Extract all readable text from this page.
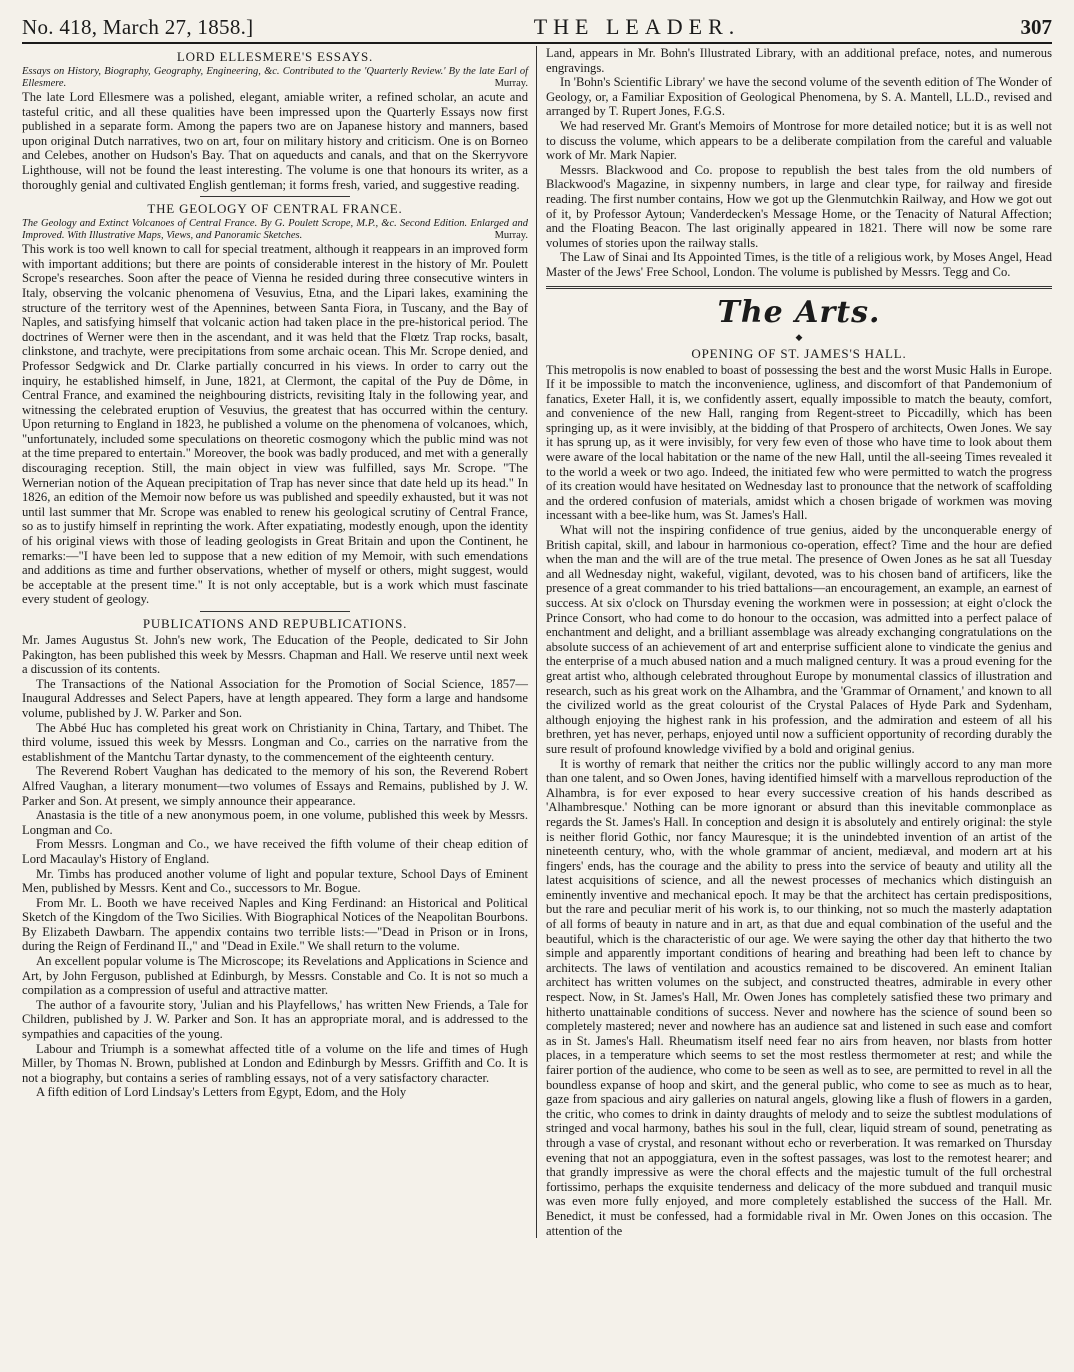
No. 418, March 27, 1858.]	THE LEADER.	307
LORD ELLESMERE'S ESSAYS.
Essays on History, Biography, Geography, Engineering, &c. Contributed to the 'Quarterly Review.' By the late Earl of Ellesmere.	Murray.

The late Lord Ellesmere was a polished, elegant, amiable writer, a refined scholar, an acute and tasteful critic, and all these qualities have been impressed upon the Quarterly Essays now first published in a separate form. Among the papers two are on Japanese history and manners, based upon original Dutch narratives, two on art, four on military history and criticism. One is on Borneo and Celebes, another on Hudson's Bay. That on aqueducts and canals, and that on the Skerryvore Lighthouse, will not be found the least interesting. The volume is one that honours its writer, as a thoroughly genial and cultivated English gentleman; it forms fresh, varied, and suggestive reading.

THE GEOLOGY OF CENTRAL FRANCE.
The Geology and Extinct Volcanoes of Central France. By G. Poulett Scrope, M.P., &c. Second Edition. Enlarged and Improved. With Illustrative Maps, Views, and Panoramic Sketches.	Murray.

This work is too well known to call for special treatment, although it reappears in an improved form with important additions; but there are points of considerable interest in the history of Mr. Poulett Scrope's researches. Soon after the peace of Vienna he resided during three consecutive winters in Italy, observing the volcanic phenomena of Vesuvius, Etna, and the Lipari lakes, examining the structure of the territory west of the Apennines, between Santa Fiora, in Tuscany, and the Bay of Naples, and satisfying himself that volcanic action had taken place in the pre-historical period. The doctrines of Werner were then in the ascendant, and it was held that the Flœtz Trap rocks, basalt, clinkstone, and trachyte, were precipitations from some archaic ocean. This Mr. Scrope denied, and Professor Sedgwick and Dr. Clarke partially concurred in his views. In order to carry out the inquiry, he established himself, in June, 1821, at Clermont, the capital of the Puy de Dôme, in Central France, and examined the neighbouring districts, revisiting Italy in the following year, and witnessing the celebrated eruption of Vesuvius, the greatest that has occurred within the century. Upon returning to England in 1823, he published a volume on the phenomena of volcanoes, which, "unfortunately, included some speculations on theoretic cosmogony which the public mind was not at the time prepared to entertain." Moreover, the book was badly produced, and met with a generally discouraging reception. Still, the main object in view was fulfilled, says Mr. Scrope. "The Wernerian notion of the Aquean precipitation of Trap has never since that date held up its head." In 1826, an edition of the Memoir now before us was published and speedily exhausted, but it was not until last summer that Mr. Scrope was enabled to renew his geological scrutiny of Central France, so as to justify himself in reprinting the work. After expatiating, modestly enough, upon the identity of his original views with those of leading geologists in Great Britain and upon the Continent, he remarks:—"I have been led to suppose that a new edition of my Memoir, with such emendations and additions as time and further observations, whether of myself or others, might suggest, would be acceptable at the present time." It is not only acceptable, but is a work which must fascinate every student of geology.

PUBLICATIONS AND REPUBLICATIONS.

Mr. James Augustus St. John's new work, The Education of the People, dedicated to Sir John Pakington, has been published this week by Messrs. Chapman and Hall. We reserve until next week a discussion of its contents.

The Transactions of the National Association for the Promotion of Social Science, 1857—Inaugural Addresses and Select Papers, have at length appeared. They form a large and handsome volume, published by J. W. Parker and Son.

The Abbé Huc has completed his great work on Christianity in China, Tartary, and Thibet. The third volume, issued this week by Messrs. Longman and Co., carries on the narrative from the establishment of the Mantchu Tartar dynasty, to the commencement of the eighteenth century.

The Reverend Robert Vaughan has dedicated to the memory of his son, the Reverend Robert Alfred Vaughan, a literary monument—two volumes of Essays and Remains, published by J. W. Parker and Son. At present, we simply announce their appearance.

Anastasia is the title of a new anonymous poem, in one volume, published this week by Messrs. Longman and Co.

From Messrs. Longman and Co., we have received the fifth volume of their cheap edition of Lord Macaulay's History of England.

Mr. Timbs has produced another volume of light and popular texture, School Days of Eminent Men, published by Messrs. Kent and Co., successors to Mr. Bogue.

From Mr. L. Booth we have received Naples and King Ferdinand: an Historical and Political Sketch of the Kingdom of the Two Sicilies. With Biographical Notices of the Neapolitan Bourbons. By Elizabeth Dawbarn. The appendix contains two terrible lists:—"Dead in Prison or in Irons, during the Reign of Ferdinand II.," and "Dead in Exile." We shall return to the volume.

An excellent popular volume is The Microscope; its Revelations and Applications in Science and Art, by John Ferguson, published at Edinburgh, by Messrs. Constable and Co. It is not so much a compilation as a compression of useful and attractive matter.

The author of a favourite story, 'Julian and his Playfellows,' has written New Friends, a Tale for Children, published by J. W. Parker and Son. It has an appropriate moral, and is addressed to the sympathies and capacities of the young.

Labour and Triumph is a somewhat affected title of a volume on the life and times of Hugh Miller, by Thomas N. Brown, published at London and Edinburgh by Messrs. Griffith and Co. It is not a biography, but contains a series of rambling essays, not of a very satisfactory character.

A fifth edition of Lord Lindsay's Letters from Egypt, Edom, and the Holy

Land, appears in Mr. Bohn's Illustrated Library, with an additional preface, notes, and numerous engravings.

In 'Bohn's Scientific Library' we have the second volume of the seventh edition of The Wonder of Geology, or, a Familiar Exposition of Geological Phenomena, by S. A. Mantell, LL.D., revised and arranged by T. Rupert Jones, F.G.S.

We had reserved Mr. Grant's Memoirs of Montrose for more detailed notice; but it is as well not to discuss the volume, which appears to be a deliberate compilation from the careful and valuable work of Mr. Mark Napier.

Messrs. Blackwood and Co. propose to republish the best tales from the old numbers of Blackwood's Magazine, in sixpenny numbers, in large and clear type, for railway and fireside reading. The first number contains, How we got up the Glenmutchkin Railway, and How we got out of it, by Professor Aytoun; Vanderdecken's Message Home, or the Tenacity of Natural Affection; and the Floating Beacon. The last originally appeared in 1821. There will now be some rare volumes of stories upon the railway stalls.

The Law of Sinai and Its Appointed Times, is the title of a religious work, by Moses Angel, Head Master of the Jews' Free School, London. The volume is published by Messrs. Tegg and Co.

The Arts.
◆
OPENING OF ST. JAMES'S HALL.

This metropolis is now enabled to boast of possessing the best and the worst Music Halls in Europe. If it be impossible to match the inconvenience, ugliness, and discomfort of that Pandemonium of fanatics, Exeter Hall, it is, we confidently assert, equally impossible to match the beauty, comfort, and convenience of the new Hall, ranging from Regent-street to Piccadilly, which has been springing up, as it were invisibly, at the bidding of that Prospero of architects, Owen Jones. We say it has sprung up, as it were invisibly, for very few even of those who have time to look about them were aware of the local habitation or the name of the new Hall, until the all-seeing Times revealed it to the world a week or two ago. Indeed, the initiated few who were permitted to watch the progress of its creation would have hesitated on Wednesday last to pronounce that the network of scaffolding and the ordered confusion of materials, amidst which a chosen brigade of workmen was moving incessant with a bee-like hum, was St. James's Hall.

What will not the inspiring confidence of true genius, aided by the unconquerable energy of British capital, skill, and labour in harmonious co-operation, effect? Time and the hour are defied when the man and the will are of the true metal. The presence of Owen Jones as he sat all Tuesday and all Wednesday night, wakeful, vigilant, devoted, was to his chosen band of artificers, like the presence of a great commander to his tried battalions—an encouragement, an example, an earnest of success. At six o'clock on Thursday evening the workmen were in possession; at eight o'clock the Prince Consort, who had come to do honour to the occasion, was admitted into a perfect palace of enchantment and delight, and a brilliant assemblage was already exchanging congratulations on the absolute success of an achievement of art and enterprise sufficient alone to vindicate the genius and the enterprise of a much abused nation and a much maligned century. It was a proud evening for the great artist who, although celebrated throughout Europe by monumental classics of illustration and research, such as his great work on the Alhambra, and the 'Grammar of Ornament,' and known to all the civilized world as the great colourist of the Crystal Palaces of Hyde Park and Sydenham, although enjoying the highest rank in his profession, and the admiration and esteem of all his brethren, yet has never, perhaps, enjoyed until now a sufficient opportunity of recording durably the sure result of profound knowledge vivified by a bold and original genius.

It is worthy of remark that neither the critics nor the public willingly accord to any man more than one talent, and so Owen Jones, having identified himself with a marvellous reproduction of the Alhambra, is for ever exposed to hear every successive creation of his hands described as 'Alhambresque.' Nothing can be more ignorant or absurd than this inevitable commonplace as regards the St. James's Hall. In conception and design it is absolutely and entirely original: the style is neither florid Gothic, nor fancy Mauresque; it is the unindebted invention of an artist of the nineteenth century, who, with the whole grammar of ancient, mediæval, and modern art at his fingers' ends, has the courage and the ability to press into the service of beauty and utility all the latest acquisitions of science, and all the newest processes of mechanics which distinguish an eminently inventive and mechanical epoch. It may be that the architect has certain predispositions, but the rare and peculiar merit of his work is, to our thinking, not so much the masterly adaptation of all forms of beauty in nature and in art, as that due and equal combination of the useful and the beautiful, which is the characteristic of our age. We were saying the other day that hitherto the two simple and apparently important conditions of hearing and breathing had been left to chance by architects. The laws of ventilation and acoustics remained to be discovered. An eminent Italian architect has written volumes on the subject, and constructed theatres, admirable in every other respect. Now, in St. James's Hall, Mr. Owen Jones has completely satisfied these two primary and hitherto unattainable conditions of success. Never and nowhere has the science of sound been so completely mastered; never and nowhere has an audience sat and listened in such ease and comfort as in St. James's Hall. Rheumatism itself need fear no airs from heaven, nor blasts from hotter places, in a temperature which seems to set the most restless thermometer at rest; and while the fairer portion of the audience, who come to be seen as well as to see, are permitted to revel in all the boundless expanse of hoop and skirt, and the general public, who come to see as much as to hear, gaze from spacious and airy galleries on natural angels, glowing like a flush of flowers in a garden, the critic, who comes to drink in dainty draughts of melody and to seize the subtlest modulations of stringed and vocal harmony, bathes his soul in the full, clear, liquid stream of sound, penetrating as through a vase of crystal, and resonant without echo or reverberation. It was remarked on Thursday evening that not an appoggiatura, even in the softest passages, was lost to the remotest hearer; and that grandly impressive as were the choral effects and the majestic tumult of the full orchestral fortissimo, perhaps the exquisite tenderness and delicacy of the more subdued and tranquil music was even more fully enjoyed, and more completely established the success of the Hall. Mr. Benedict, it must be confessed, had a formidable rival in Mr. Owen Jones on this occasion. The attention of the
